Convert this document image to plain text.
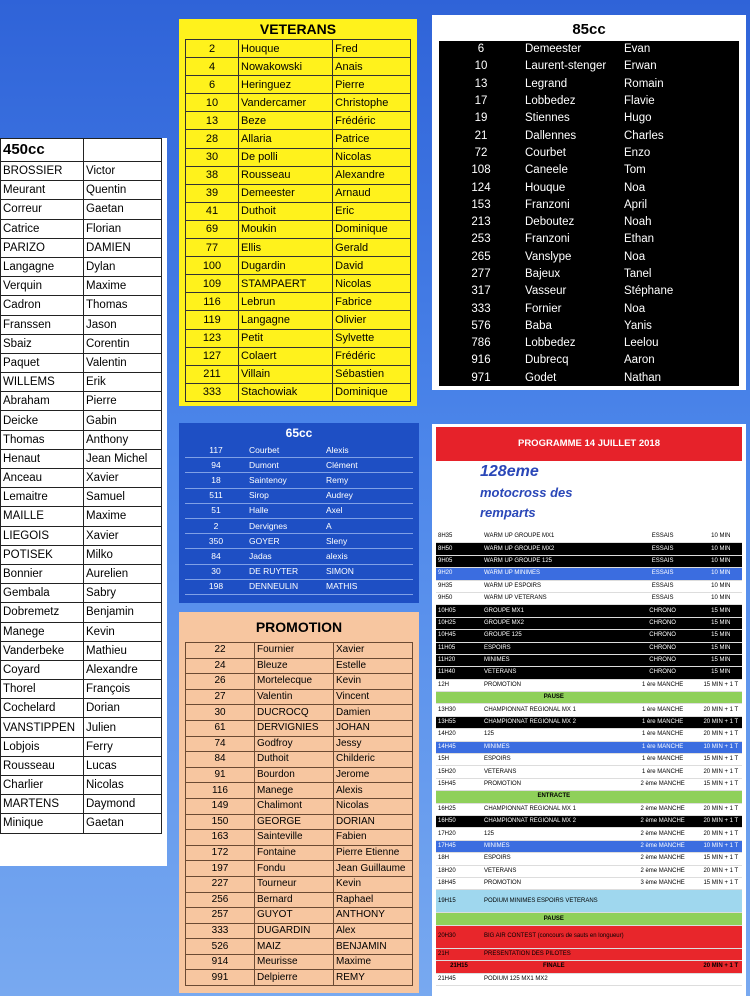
450cc	
BROSSIER	Victor
Meurant	Quentin
Correur	Gaetan
Catrice	Florian
PARIZO	DAMIEN
Langagne	Dylan
Verquin	Maxime
Cadron	Thomas
Franssen	Jason
Sbaiz	Corentin
Paquet	Valentin
WILLEMS	Erik
Abraham	Pierre
Deicke	Gabin
Thomas	Anthony
Henaut	Jean Michel
Anceau	Xavier
Lemaitre	Samuel
MAILLE	Maxime
LIEGOIS	Xavier
POTISEK	Milko
Bonnier	Aurelien
Gembala	Sabry
Dobremetz	Benjamin
Manege	Kevin
Vanderbeke	Mathieu
Coyard	Alexandre
Thorel	François
Cochelard	Dorian
VANSTIPPEN	Julien
Lobjois	Ferry
Rousseau	Lucas
Charlier	Nicolas
MARTENS	Daymond
Minique	Gaetan
VETERANS
2	Houque	Fred
4	Nowakowski	Anais
6	Heringuez	Pierre
10	Vandercamer	Christophe
13	Beze	Frédéric
28	Allaria	Patrice
30	De polli	Nicolas
38	Rousseau	Alexandre
39	Demeester	Arnaud
41	Duthoit	Eric
69	Moukin	Dominique
77	Ellis	Gerald
100	Dugardin	David
109	STAMPAERT	Nicolas
116	Lebrun	Fabrice
119	Langagne	Olivier
123	Petit	Sylvette
127	Colaert	Frédéric
211	Villain	Sébastien
333	Stachowiak	Dominique
85cc
6	Demeester	Evan
10	Laurent-stenger	Erwan
13	Legrand	Romain
17	Lobbedez	Flavie
19	Stiennes	Hugo
21	Dallennes	Charles
72	Courbet	Enzo
108	Caneele	Tom
124	Houque	Noa
153	Franzoni	April
213	Deboutez	Noah
253	Franzoni	Ethan
265	Vanslype	Noa
277	Bajeux	Tanel
317	Vasseur	Stéphane
333	Fornier	Noa
576	Baba	Yanis
786	Lobbedez	Leelou
916	Dubrecq	Aaron
971	Godet	Nathan
65cc
117	Courbet	Alexis
94	Dumont	Clément
18	Saintenoy	Remy
511	Sirop	Audrey
51	Halle	Axel
2	Dervignes	A
350	GOYER	Sleny
84	Jadas	alexis
30	DE RUYTER	SIMON
198	DENNEULIN	MATHIS
PROMOTION
22	Fournier	Xavier
24	Bleuze	Estelle
26	Mortelecque	Kevin
27	Valentin	Vincent
30	DUCROCQ	Damien
61	DERVIGNIES	JOHAN
74	Godfroy	Jessy
84	Duthoit	Childeric
91	Bourdon	Jerome
116	Manege	Alexis
149	Chalimont	Nicolas
150	GEORGE	DORIAN
163	Sainteville	Fabien
172	Fontaine	Pierre Etienne
197	Fondu	Jean Guillaume
227	Tourneur	Kevin
256	Bernard	Raphael
257	GUYOT	ANTHONY
333	DUGARDIN	Alex
526	MAIZ	BENJAMIN
914	Meurisse	Maxime
991	Delpierre	REMY
PROGRAMME 14 JUILLET 2018
128eme
motocross des
remparts
8H35	WARM UP GROUPE MX1	ESSAIS	10 MIN
8H50	WARM UP GROUPE MX2	ESSAIS	10 MIN
9H05	WARM UP GROUPE 125	ESSAIS	10 MIN
9H20	WARM UP MINIMES	ESSAIS	10 MIN
9H35	WARM UP ESPOIRS	ESSAIS	10 MIN
9H50	WARM UP VETERANS	ESSAIS	10 MIN
10H05	GROUPE MX1	CHRONO	15 MIN
10H25	GROUPE MX2	CHRONO	15 MIN
10H45	GROUPE 125	CHRONO	15 MIN
11H05	ESPOIRS	CHRONO	15 MIN
11H20	MINIMES	CHRONO	15 MIN
11H40	VETERANS	CHRONO	15 MIN
12H	PROMOTION	1 ère MANCHE	15 MIN + 1 T
	PAUSE		
13H30	CHAMPIONNAT REGIONAL MX 1	1 ère MANCHE	20 MIN + 1 T
13H55	CHAMPIONNAT REGIONAL MX 2	1 ère MANCHE	20 MIN + 1 T
14H20	125	1 ère MANCHE	20 MIN + 1 T
14H45	MINIMES	1 ère MANCHE	10 MIN + 1 T
15H	ESPOIRS	1 ère MANCHE	15 MIN + 1 T
15H20	VETERANS	1 ère MANCHE	20 MIN + 1 T
15H45	PROMOTION	2 ème MANCHE	15 MIN + 1 T
	ENTRACTE		
16H25	CHAMPIONNAT REGIONAL MX 1	2 ème MANCHE	20 MIN + 1 T
16H50	CHAMPIONNAT REGIONAL MX 2	2 ème MANCHE	20 MIN + 1 T
17H20	125	2 ème MANCHE	20 MIN + 1 T
17H45	MINIMES	2 ème MANCHE	10 MIN + 1 T
18H	ESPOIRS	2 ème MANCHE	15 MIN + 1 T
18H20	VETERANS	2 ème MANCHE	20 MIN + 1 T
18H45	PROMOTION	3 ème MANCHE	15 MIN + 1 T
19H15	PODIUM MINIMES ESPOIRS VETERANS		
	PAUSE		
20H30	BIG AIR CONTEST (concours de sauts en longueur)		
21H	PRESENTATION DES PILOTES		
21H15	FINALE		20 MIN + 1 T
21H45	PODIUM 125 MX1 MX2		
